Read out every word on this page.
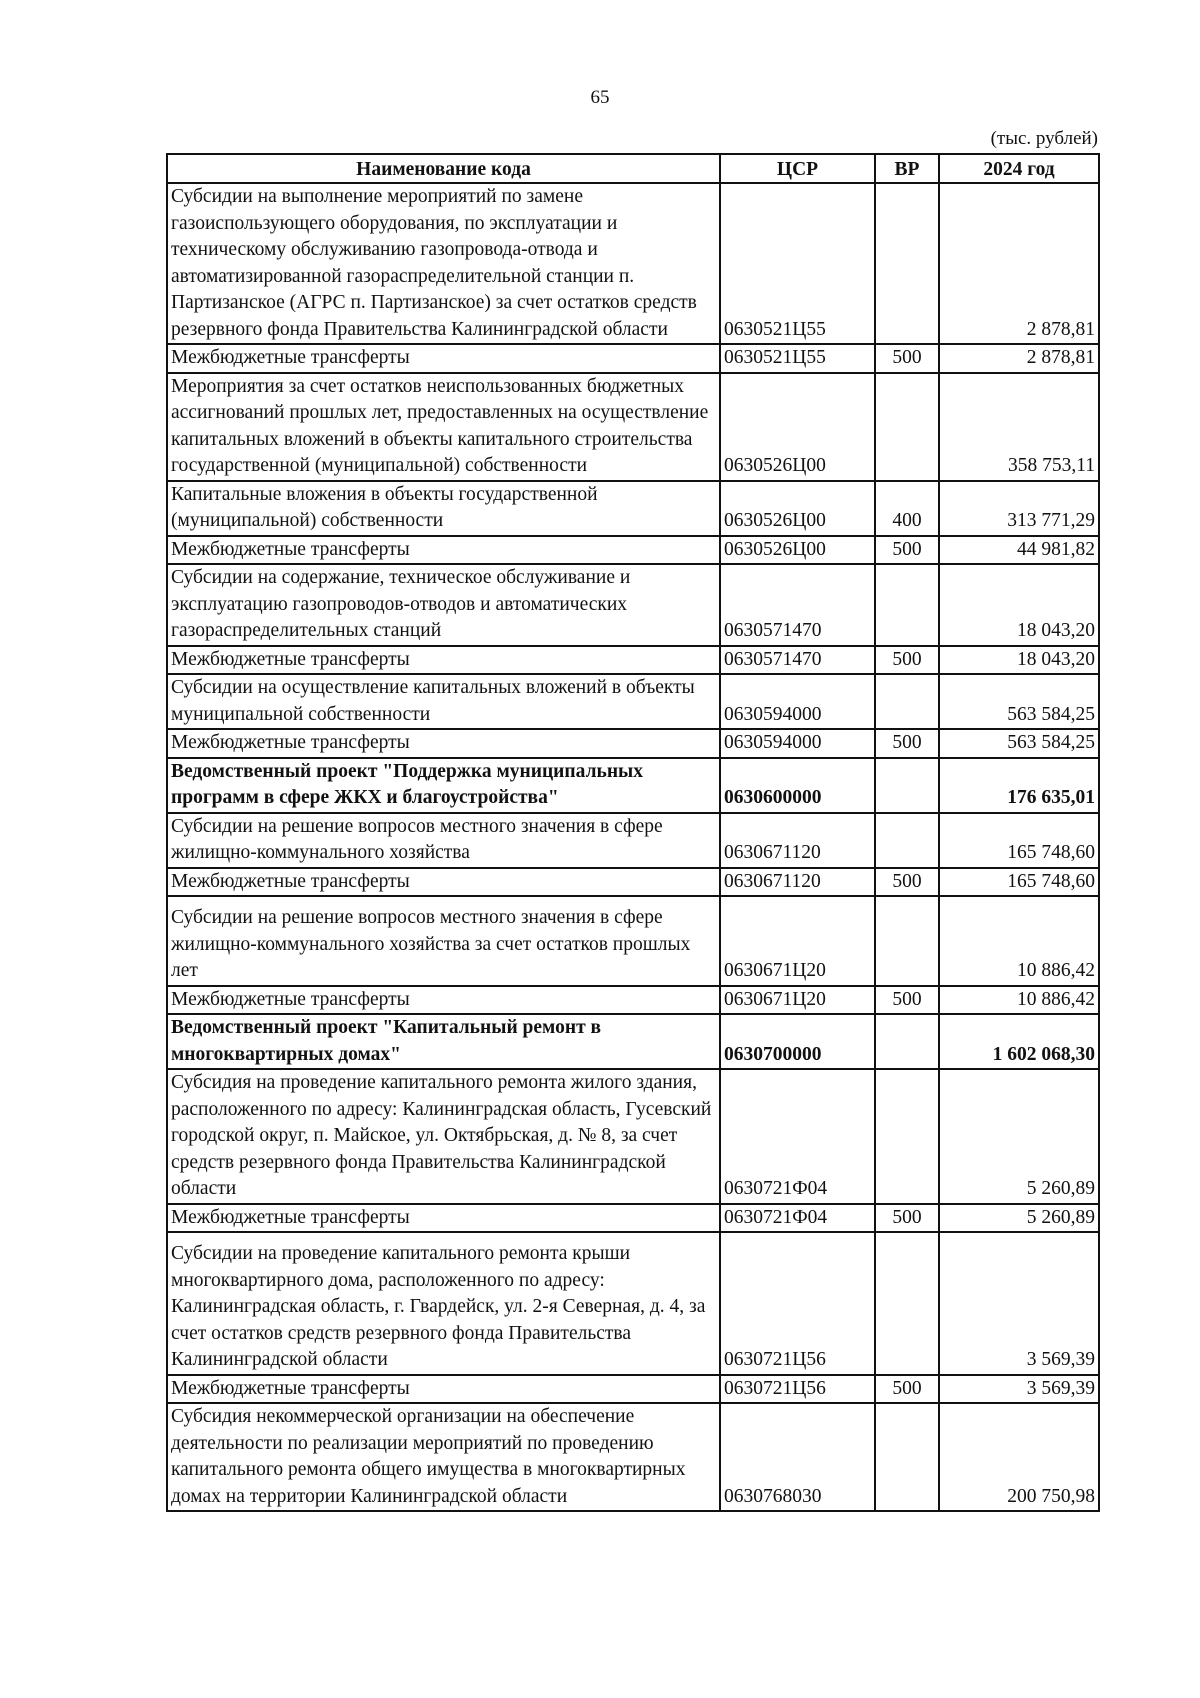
65
(тыс. рублей)
Наименование кода	ЦСР	ВР	2024 год
Субсидии на выполнение мероприятий по замене газоиспользующего оборудования, по эксплуатации и техническому обслуживанию газопровода-отвода и автоматизированной газораспределительной станции п. Партизанское (АГРС п. Партизанское) за счет остатков средств резервного фонда Правительства Калининградской области	0630521Ц55		2 878,81
Межбюджетные трансферты	0630521Ц55	500	2 878,81
Мероприятия за счет остатков неиспользованных бюджетных ассигнований прошлых лет, предоставленных на осуществление капитальных вложений в объекты капитального строительства государственной (муниципальной) собственности	0630526Ц00		358 753,11
Капитальные вложения в объекты государственной (муниципальной) собственности	0630526Ц00	400	313 771,29
Межбюджетные трансферты	0630526Ц00	500	44 981,82
Субсидии на содержание, техническое обслуживание и эксплуатацию газопроводов-отводов и автоматических газораспределительных станций	0630571470		18 043,20
Межбюджетные трансферты	0630571470	500	18 043,20
Субсидии на осуществление капитальных вложений в объекты муниципальной собственности	0630594000		563 584,25
Межбюджетные трансферты	0630594000	500	563 584,25
Ведомственный проект "Поддержка муниципальных программ в сфере ЖКХ и благоустройства"	0630600000		176 635,01
Субсидии на решение вопросов местного значения в сфере жилищно-коммунального хозяйства	0630671120		165 748,60
Межбюджетные трансферты	0630671120	500	165 748,60
Субсидии на решение вопросов местного значения в сфере жилищно-коммунального хозяйства за счет остатков прошлых лет	0630671Ц20		10 886,42
Межбюджетные трансферты	0630671Ц20	500	10 886,42
Ведомственный проект "Капитальный ремонт в многоквартирных домах"	0630700000		1 602 068,30
Субсидия на проведение капитального ремонта жилого здания, расположенного по адресу: Калининградская область, Гусевский городской округ, п. Майское, ул. Октябрьская, д. № 8, за счет средств резервного фонда Правительства Калининградской области	0630721Ф04		5 260,89
Межбюджетные трансферты	0630721Ф04	500	5 260,89
Субсидии на проведение капитального ремонта крыши многоквартирного дома, расположенного по адресу: Калининградская область, г. Гвардейск, ул. 2-я Северная, д. 4, за счет остатков средств резервного фонда Правительства Калининградской области	0630721Ц56		3 569,39
Межбюджетные трансферты	0630721Ц56	500	3 569,39
Субсидия некоммерческой организации на обеспечение деятельности по реализации мероприятий по проведению капитального ремонта общего имущества в многоквартирных домах на территории Калининградской области	0630768030		200 750,98
